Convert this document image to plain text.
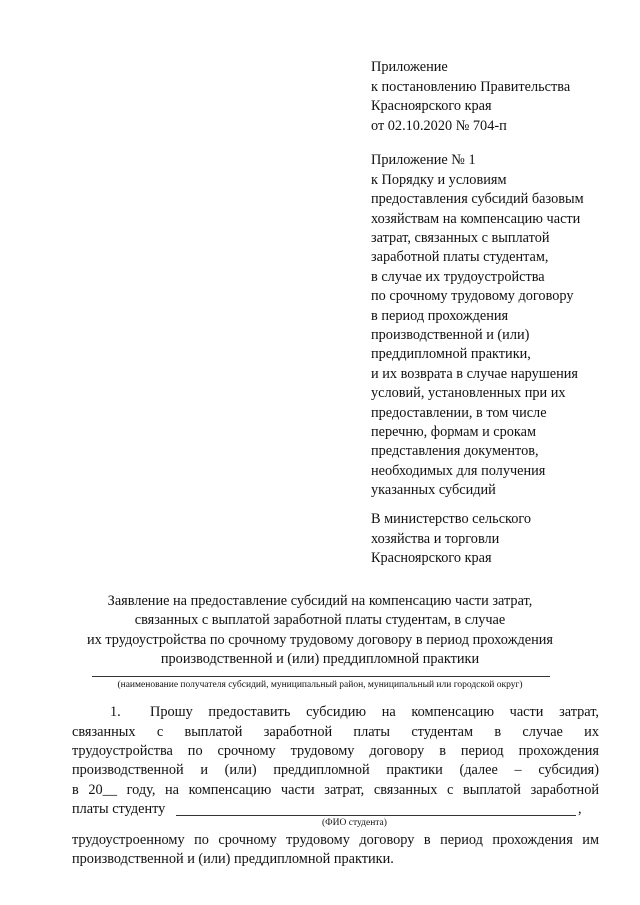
Приложение
к постановлению Правительства
Красноярского края
от 02.10.2020 № 704-п
Приложение № 1
к Порядку и условиям
предоставления субсидий базовым
хозяйствам на компенсацию части
затрат, связанных с выплатой
заработной платы студентам,
в случае их трудоустройства
по срочному трудовому договору
в период прохождения
производственной и (или)
преддипломной практики,
и их возврата в случае нарушения
условий, установленных при их
предоставлении, в том числе
перечню, формам и срокам
представления документов,
необходимых для получения
указанных субсидий
В министерство сельского
хозяйства и торговли
Красноярского края
Заявление на предоставление субсидий на компенсацию части затрат,
связанных с выплатой заработной платы студентам, в случае
их трудоустройства по срочному трудовому договору в период прохождения
производственной и (или) преддипломной практики
(наименование получателя субсидий, муниципальный район, муниципальный или городской округ)
1. Прошу предоставить субсидию на компенсацию части затрат,
связанных с выплатой заработной платы студентам в случае их
трудоустройства по срочному трудовому договору в период прохождения
производственной и (или) преддипломной практики (далее – субсидия)
в 20__ году, на компенсацию части затрат, связанных с выплатой заработной
платы студенту	,
(ФИО студента)
трудоустроенному по срочному трудовому договору в период прохождения им
производственной и (или) преддипломной практики.
